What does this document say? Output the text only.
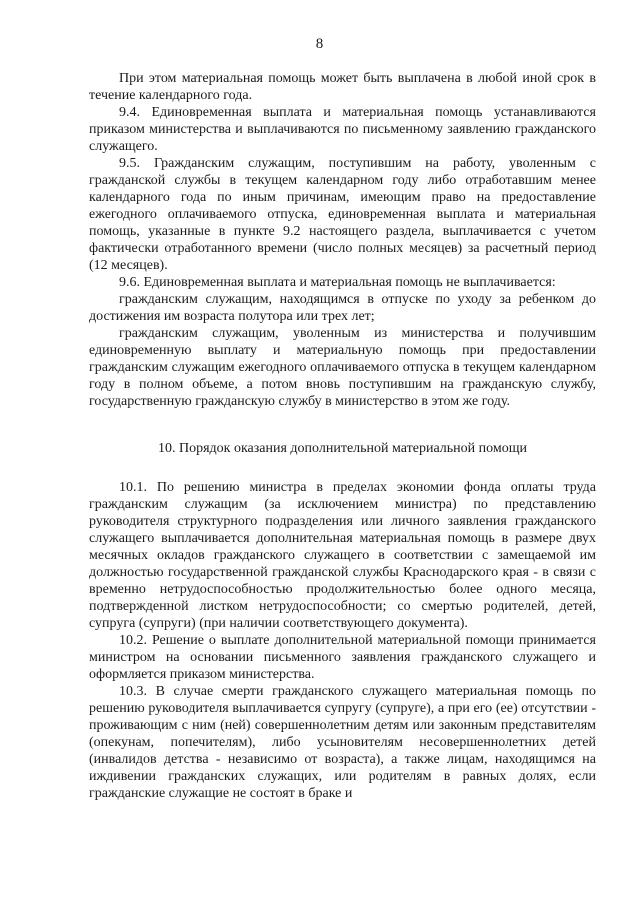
8

При этом материальная помощь может быть выплачена в любой иной срок в течение календарного года.

9.4. Единовременная выплата и материальная помощь устанавливаются приказом министерства и выплачиваются по письменному заявлению гражданского служащего.

9.5. Гражданским служащим, поступившим на работу, уволенным с гражданской службы в текущем календарном году либо отработавшим менее календарного года по иным причинам, имеющим право на предоставление ежегодного оплачиваемого отпуска, единовременная выплата и материальная помощь, указанные в пункте 9.2 настоящего раздела, выплачивается с учетом фактически отработанного времени (число полных месяцев) за расчетный период (12 месяцев).

9.6. Единовременная выплата и материальная помощь не выплачивается:

гражданским служащим, находящимся в отпуске по уходу за ребенком до достижения им возраста полутора или трех лет;

гражданским служащим, уволенным из министерства и получившим единовременную выплату и материальную помощь при предоставлении гражданским служащим ежегодного оплачиваемого отпуска в текущем календарном году в полном объеме, а потом вновь поступившим на гражданскую службу, государственную гражданскую службу в министерство в этом же году.

10. Порядок оказания дополнительной материальной помощи

10.1. По решению министра в пределах экономии фонда оплаты труда гражданским служащим (за исключением министра) по представлению руководителя структурного подразделения или личного заявления гражданского служащего выплачивается дополнительная материальная помощь в размере двух месячных окладов гражданского служащего в соответствии с замещаемой им должностью государственной гражданской службы Краснодарского края - в связи с временно нетрудоспособностью продолжительностью более одного месяца, подтвержденной листком нетрудоспособности; со смертью родителей, детей, супруга (супруги) (при наличии соответствующего документа).

10.2. Решение о выплате дополнительной материальной помощи принимается министром на основании письменного заявления гражданского служащего и оформляется приказом министерства.

10.3. В случае смерти гражданского служащего материальная помощь по решению руководителя выплачивается супругу (супруге), а при его (ее) отсутствии - проживающим с ним (ней) совершеннолетним детям или законным представителям (опекунам, попечителям), либо усыновителям несовершеннолетних детей (инвалидов детства - независимо от возраста), а также лицам, находящимся на иждивении гражданских служащих, или родителям в равных долях, если гражданские служащие не состоят в браке и
